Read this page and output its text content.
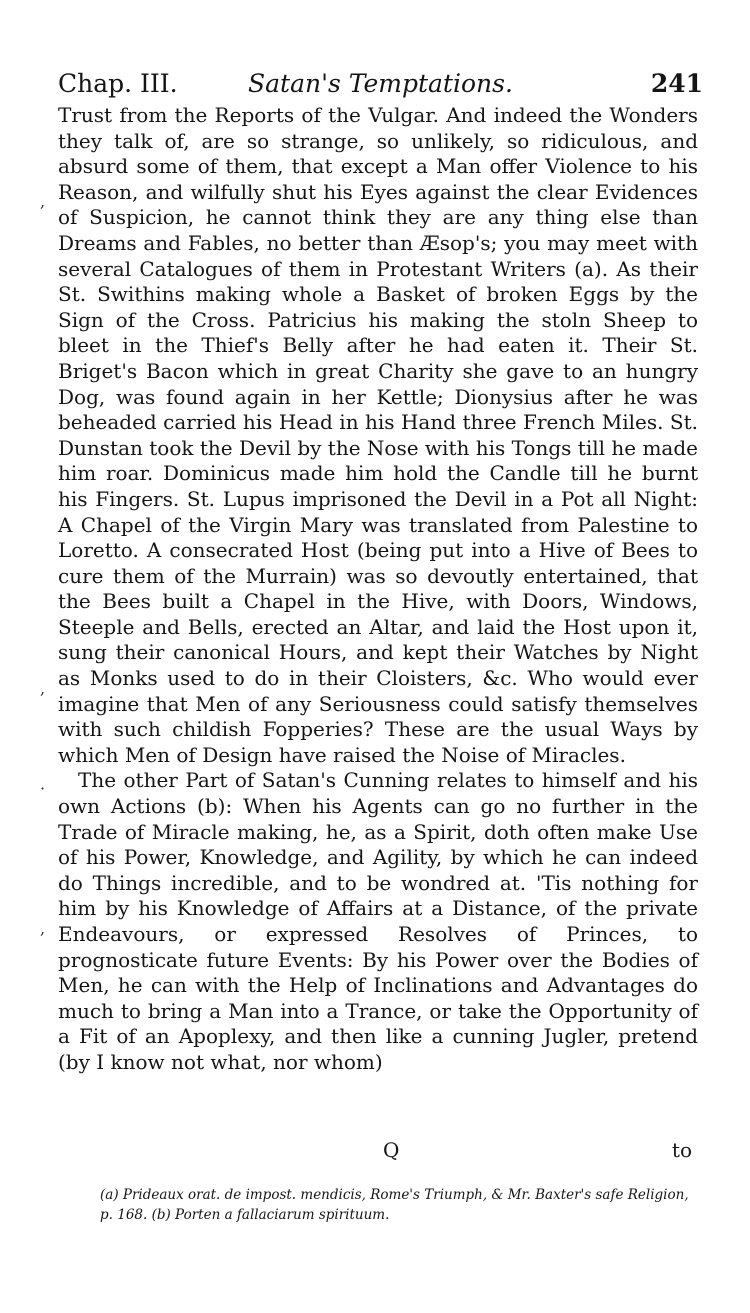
Chap. III.	Satan's Temptations.	241
,
,
·
,

Trust from the Reports of the Vulgar. And indeed the Wonders they talk of, are so strange, so unlikely, so ridiculous, and absurd some of them, that except a Man offer Violence to his Reason, and wilfully shut his Eyes against the clear Evidences of Suspicion, he cannot think they are any thing else than Dreams and Fables, no better than Æsop's; you may meet with several Catalogues of them in Protestant Writers (a). As their St. Swithins making whole a Basket of broken Eggs by the Sign of the Cross. Patricius his making the stoln Sheep to bleet in the Thief's Belly after he had eaten it. Their St. Briget's Bacon which in great Charity she gave to an hungry Dog, was found again in her Kettle; Dionysius after he was beheaded carried his Head in his Hand three French Miles. St. Dunstan took the Devil by the Nose with his Tongs till he made him roar. Dominicus made him hold the Candle till he burnt his Fingers. St. Lupus imprisoned the Devil in a Pot all Night: A Chapel of the Virgin Mary was translated from Palestine to Loretto. A consecrated Host (being put into a Hive of Bees to cure them of the Murrain) was so devoutly entertained, that the Bees built a Chapel in the Hive, with Doors, Windows, Steeple and Bells, erected an Altar, and laid the Host upon it, sung their canonical Hours, and kept their Watches by Night as Monks used to do in their Cloisters, &c. Who would ever imagine that Men of any Seriousness could satisfy themselves with such childish Fopperies? These are the usual Ways by which Men of Design have raised the Noise of Miracles.

The other Part of Satan's Cunning relates to himself and his own Actions (b): When his Agents can go no further in the Trade of Miracle making, he, as a Spirit, doth often make Use of his Power, Knowledge, and Agility, by which he can indeed do Things incredible, and to be wondred at. 'Tis nothing for him by his Knowledge of Affairs at a Distance, of the private Endeavours, or expressed Resolves of Princes, to prognosticate future Events: By his Power over the Bodies of Men, he can with the Help of Inclinations and Advantages do much to bring a Man into a Trance, or take the Opportunity of a Fit of an Apoplexy, and then like a cunning Jugler, pretend (by I know not what, nor whom)

Q	to
(a) Prideaux orat. de impost. mendicis, Rome's Triumph, & Mr. Baxter's safe Religion, p. 168. (b) Porten a fallaciarum spirituum.
